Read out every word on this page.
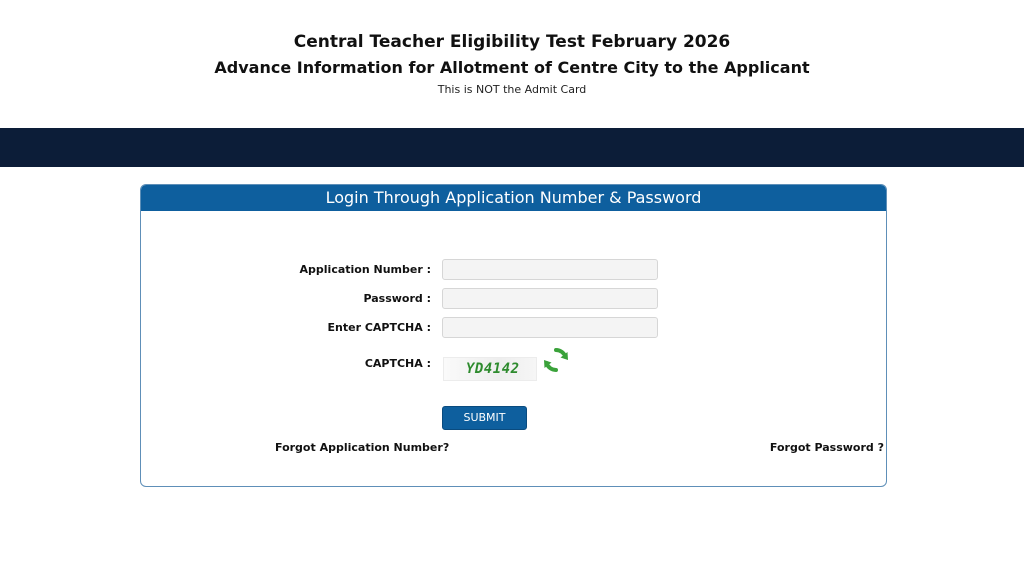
Central Teacher Eligibility Test February 2026
Advance Information for Allotment of Centre City to the Applicant
This is NOT the Admit Card
Login Through Application Number & Password
Application Number :
Password :
Enter CAPTCHA :
CAPTCHA :	YD4142
SUBMIT
Forgot Application Number?	Forgot Password ?
